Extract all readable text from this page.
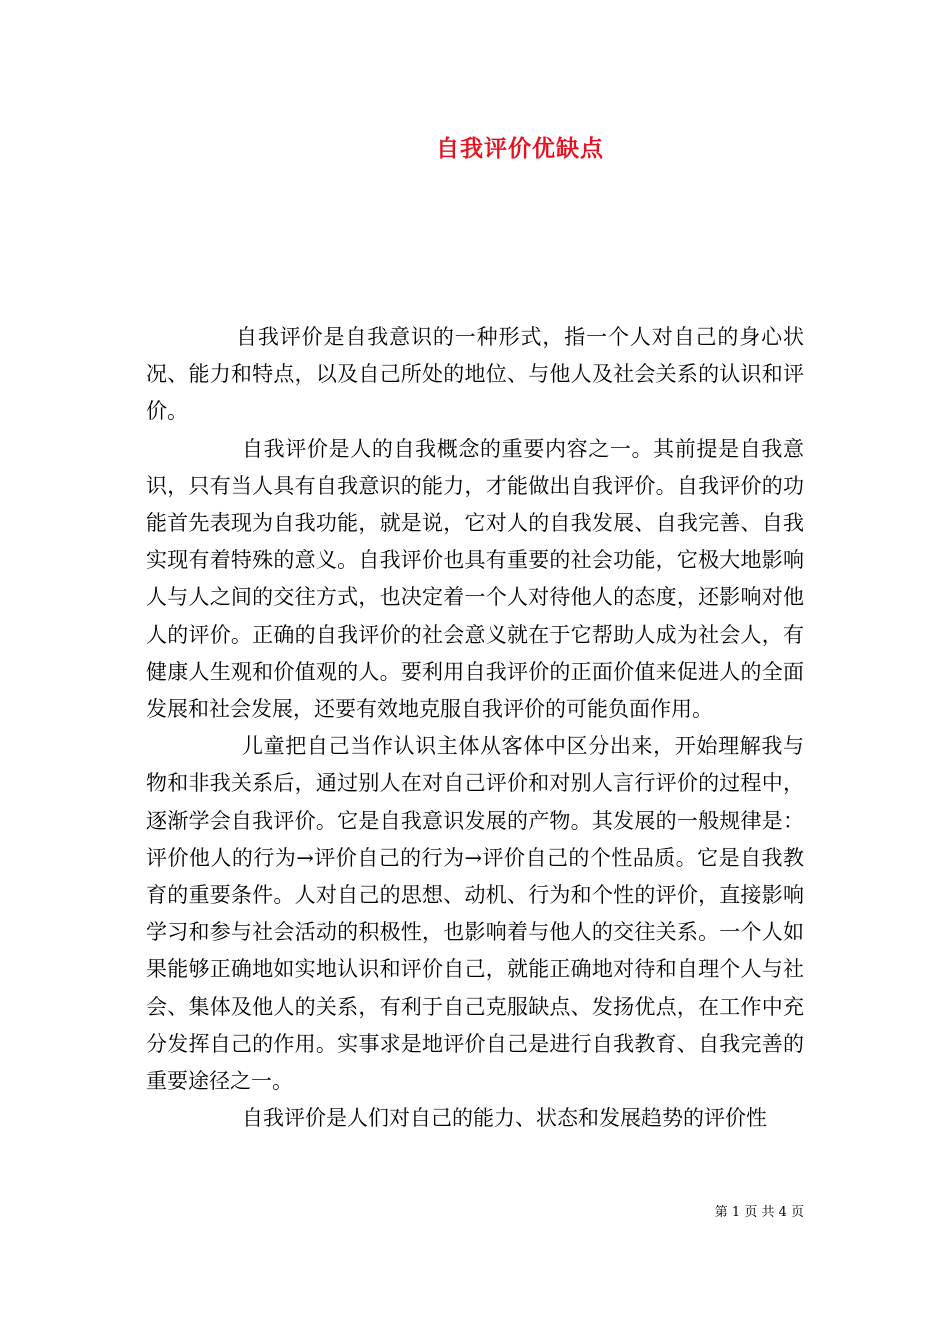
自我评价优缺点

自我评价是自我意识的一种形式，指一个人对自己的身心状况、能力和特点，以及自己所处的地位、与他人及社会关系的认识和评价。

自我评价是人的自我概念的重要内容之一。其前提是自我意识，只有当人具有自我意识的能力，才能做出自我评价。自我评价的功能首先表现为自我功能，就是说，它对人的自我发展、自我完善、自我实现有着特殊的意义。自我评价也具有重要的社会功能，它极大地影响人与人之间的交往方式，也决定着一个人对待他人的态度，还影响对他人的评价。正确的自我评价的社会意义就在于它帮助人成为社会人，有健康人生观和价值观的人。要利用自我评价的正面价值来促进人的全面发展和社会发展，还要有效地克服自我评价的可能负面作用。

儿童把自己当作认识主体从客体中区分出来，开始理解我与物和非我关系后，通过别人在对自己评价和对别人言行评价的过程中，逐渐学会自我评价。它是自我意识发展的产物。其发展的一般规律是：评价他人的行为→评价自己的行为→评价自己的个性品质。它是自我教育的重要条件。人对自己的思想、动机、行为和个性的评价，直接影响学习和参与社会活动的积极性，也影响着与他人的交往关系。一个人如果能够正确地如实地认识和评价自己，就能正确地对待和自理个人与社会、集体及他人的关系，有利于自己克服缺点、发扬优点，在工作中充分发挥自己的作用。实事求是地评价自己是进行自我教育、自我完善的重要途径之一。

自我评价是人们对自己的能力、状态和发展趋势的评价性

第 1 页 共 4 页
